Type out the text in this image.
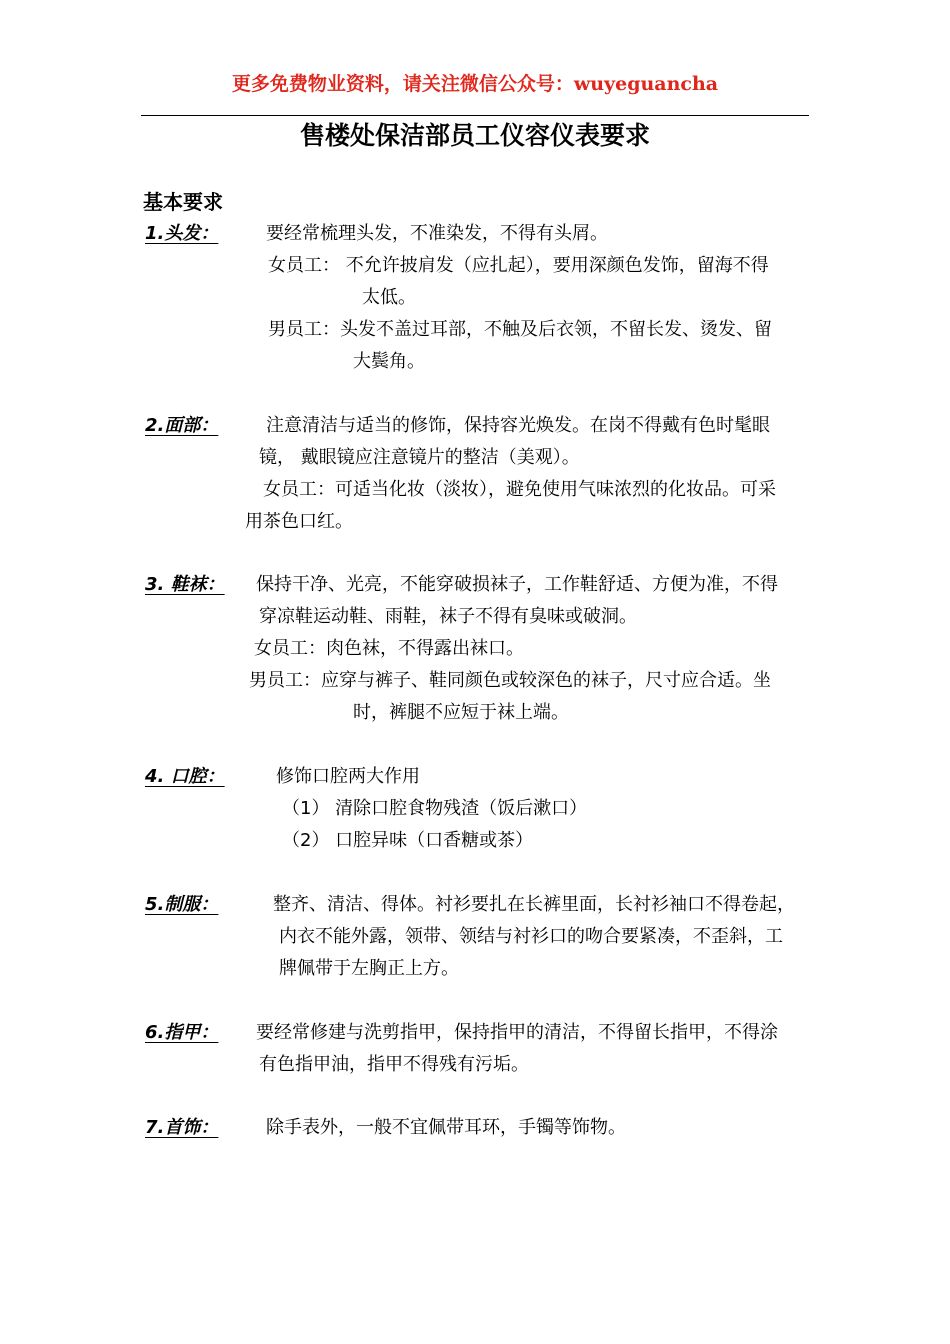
更多免费物业资料，请关注微信公众号：wuyeguancha
售楼处保洁部员工仪容仪表要求
基本要求
1.头发：	要经常梳理头发，不准染发，不得有头屑。
女员工： 不允许披肩发（应扎起），要用深颜色发饰，留海不得
太低。
男员工：头发不盖过耳部，不触及后衣领，不留长发、烫发、留
大鬓角。
2.面部：	注意清洁与适当的修饰，保持容光焕发。在岗不得戴有色时髦眼
镜， 戴眼镜应注意镜片的整洁（美观）。
女员工：可适当化妆（淡妆），避免使用气味浓烈的化妆品。可采
用茶色口红。
3. 鞋袜： 保持干净、光亮，不能穿破损袜子，工作鞋舒适、方便为准，不得
穿凉鞋运动鞋、雨鞋，袜子不得有臭味或破洞。
女员工：肉色袜，不得露出袜口。
男员工：应穿与裤子、鞋同颜色或较深色的袜子，尺寸应合适。坐
时，裤腿不应短于袜上端。
4. 口腔：	修饰口腔两大作用
（1） 清除口腔食物残渣（饭后漱口）
（2） 口腔异味（口香糖或茶）
5.制服：	整齐、清洁、得体。衬衫要扎在长裤里面，长衬衫袖口不得卷起，
内衣不能外露，领带、领结与衬衫口的吻合要紧凑，不歪斜，工
牌佩带于左胸正上方。
6.指甲： 要经常修建与洗剪指甲，保持指甲的清洁，不得留长指甲，不得涂
有色指甲油，指甲不得残有污垢。
7.首饰：	除手表外，一般不宜佩带耳环，手镯等饰物。
